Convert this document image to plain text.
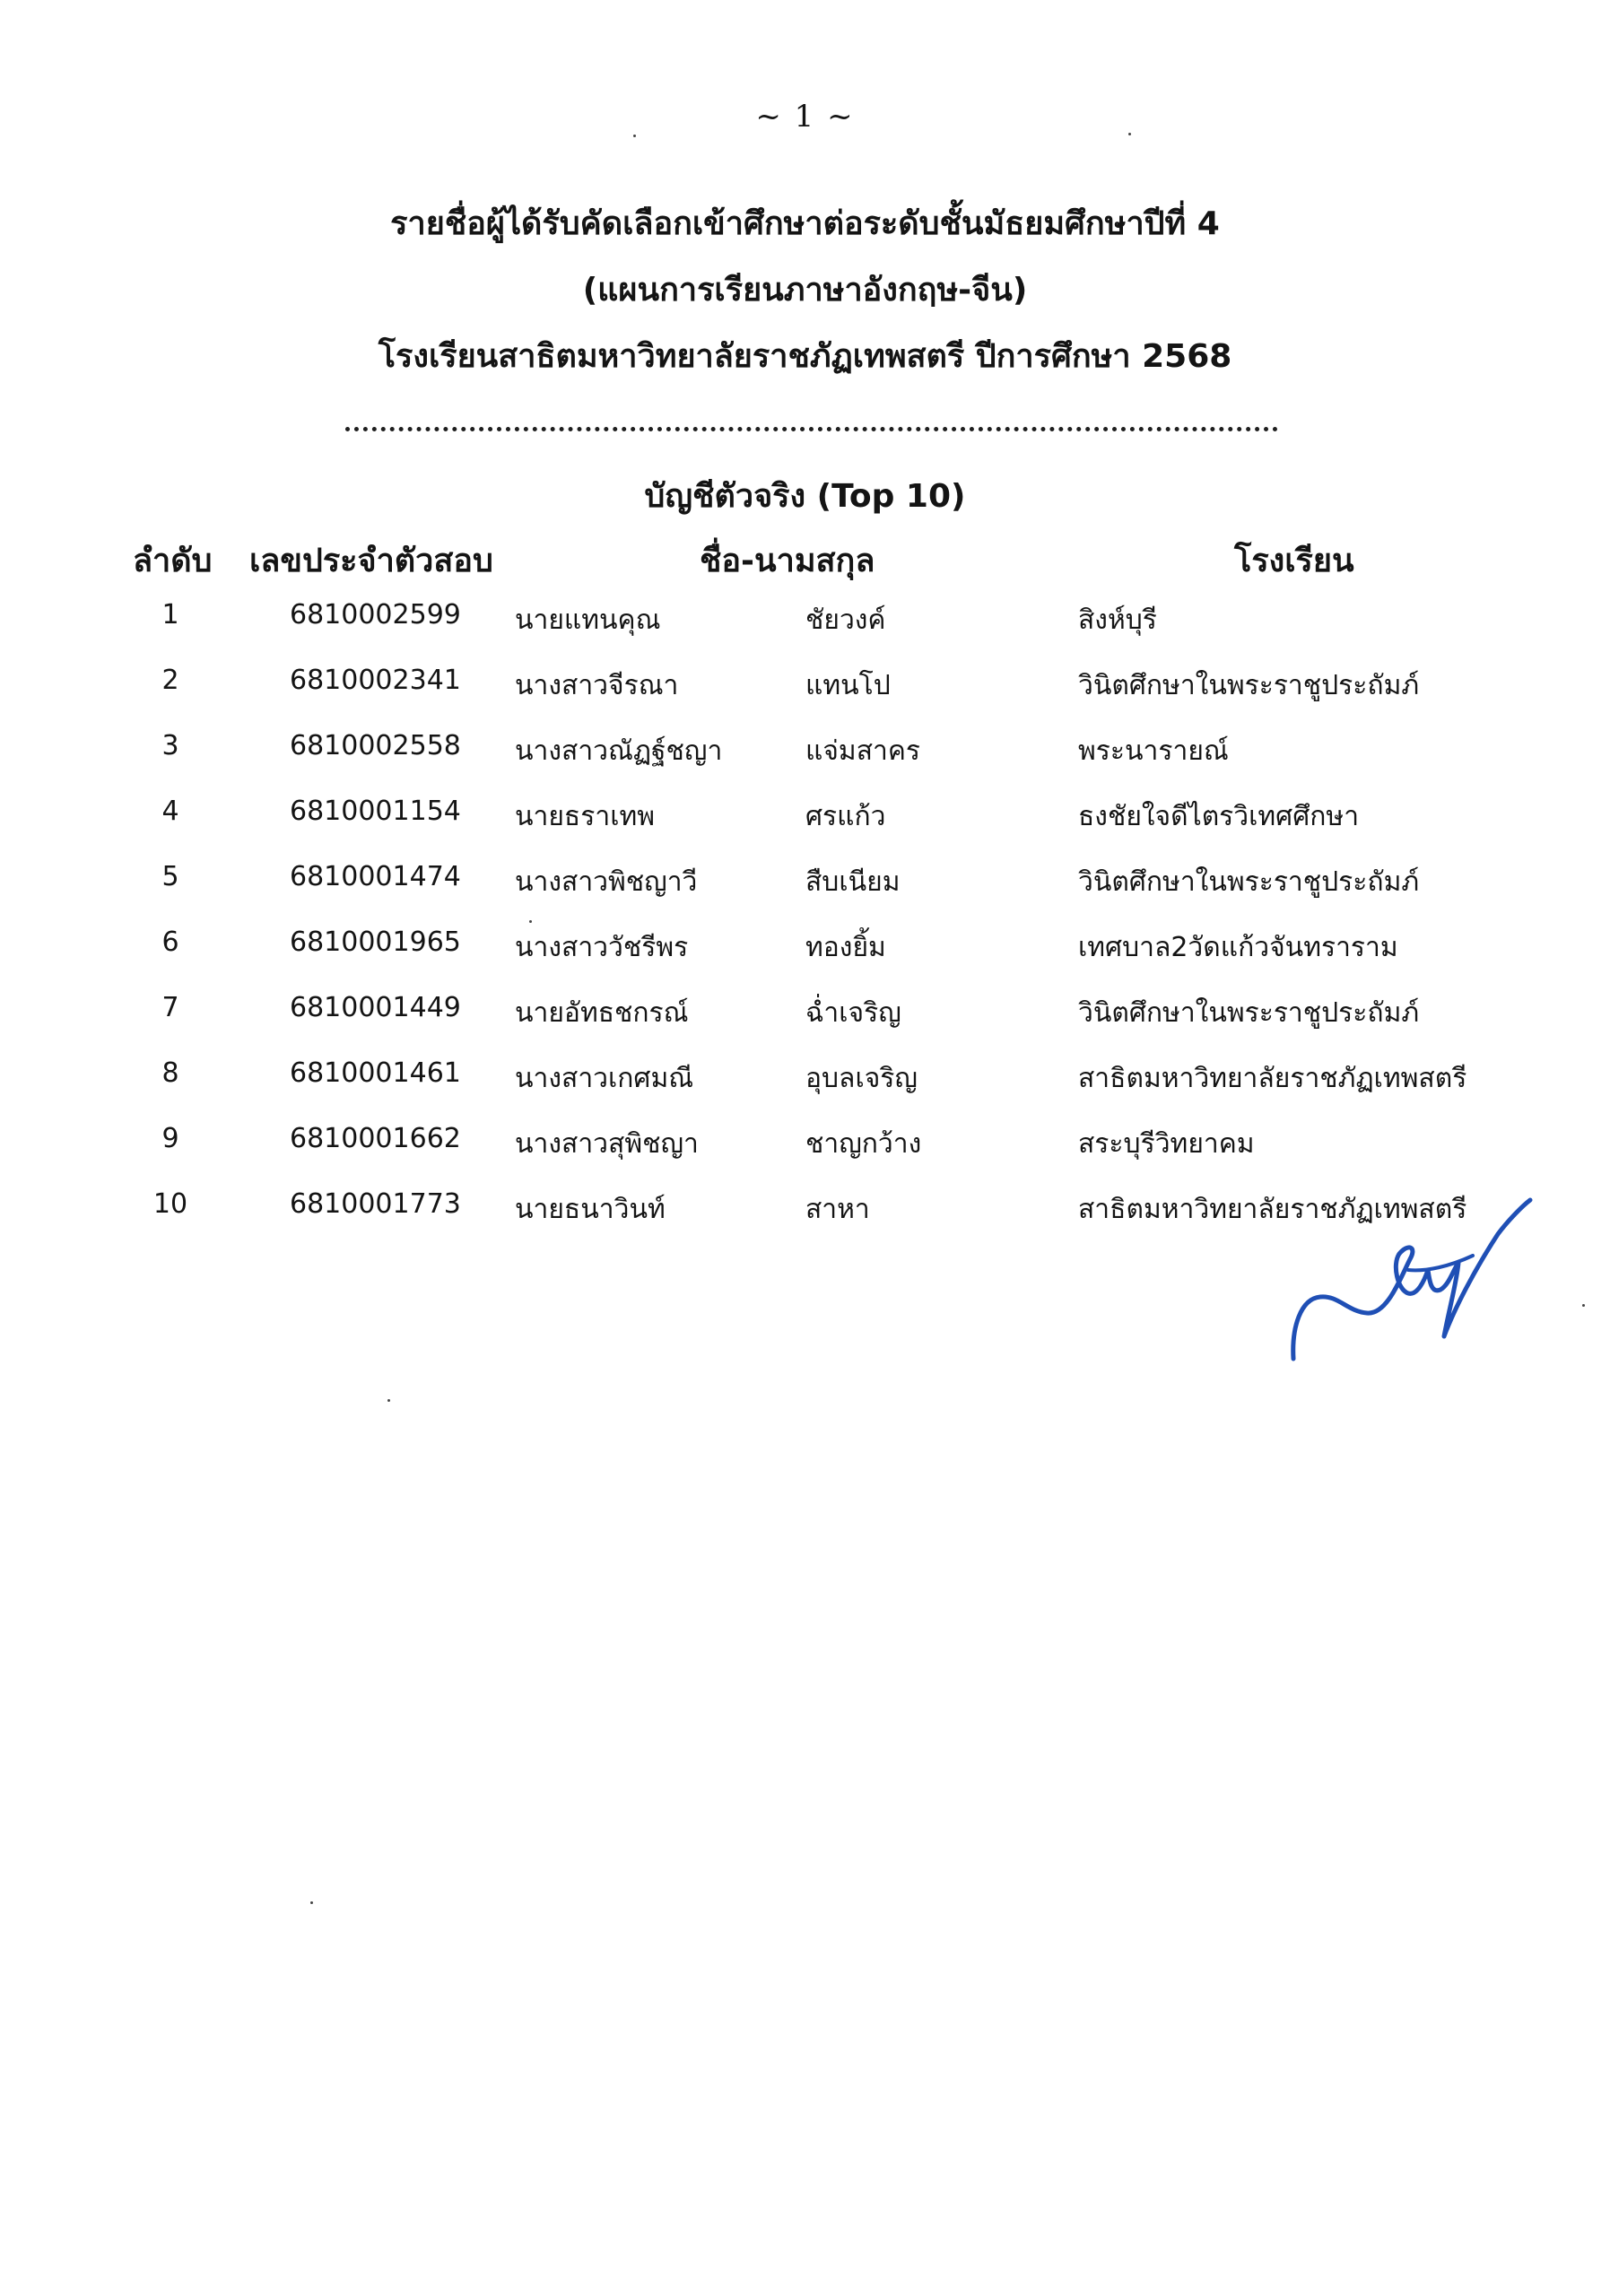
~ 1 ~
รายชื่อผู้ได้รับคัดเลือกเข้าศึกษาต่อระดับชั้นมัธยมศึกษาปีที่ 4
(แผนการเรียนภาษาอังกฤษ-จีน)
โรงเรียนสาธิตมหาวิทยาลัยราชภัฏเทพสตรี ปีการศึกษา 2568
บัญชีตัวจริง (Top 10)
ลำดับ เลขประจำตัวสอบ	ชื่อ-นามสกุล	โรงเรียน
1	6810002599 นายแทนคุณ	ชัยวงค์	สิงห์บุรี
2	6810002341 นางสาวจีรณา	แทนโป	วินิตศึกษาในพระราชูประถัมภ์
3	6810002558 นางสาวณัฏฐ์ชญา	แจ่มสาคร	พระนารายณ์
4	6810001154 นายธราเทพ	ศรแก้ว	ธงชัยใจดีไตรวิเทศศึกษา
5	6810001474 นางสาวพิชญาวี	สืบเนียม	วินิตศึกษาในพระราชูประถัมภ์
6	6810001965 นางสาววัชรีพร	ทองยิ้ม	เทศบาล2วัดแก้วจันทราราม
7	6810001449 นายอัทธชกรณ์	ฉ่ำเจริญ	วินิตศึกษาในพระราชูประถัมภ์
8	6810001461 นางสาวเกศมณี	อุบลเจริญ	สาธิตมหาวิทยาลัยราชภัฏเทพสตรี
9	6810001662 นางสาวสุพิชญา	ชาญกว้าง	สระบุรีวิทยาคม
10	6810001773 นายธนาวินท์	สาหา	สาธิตมหาวิทยาลัยราชภัฏเทพสตรี
